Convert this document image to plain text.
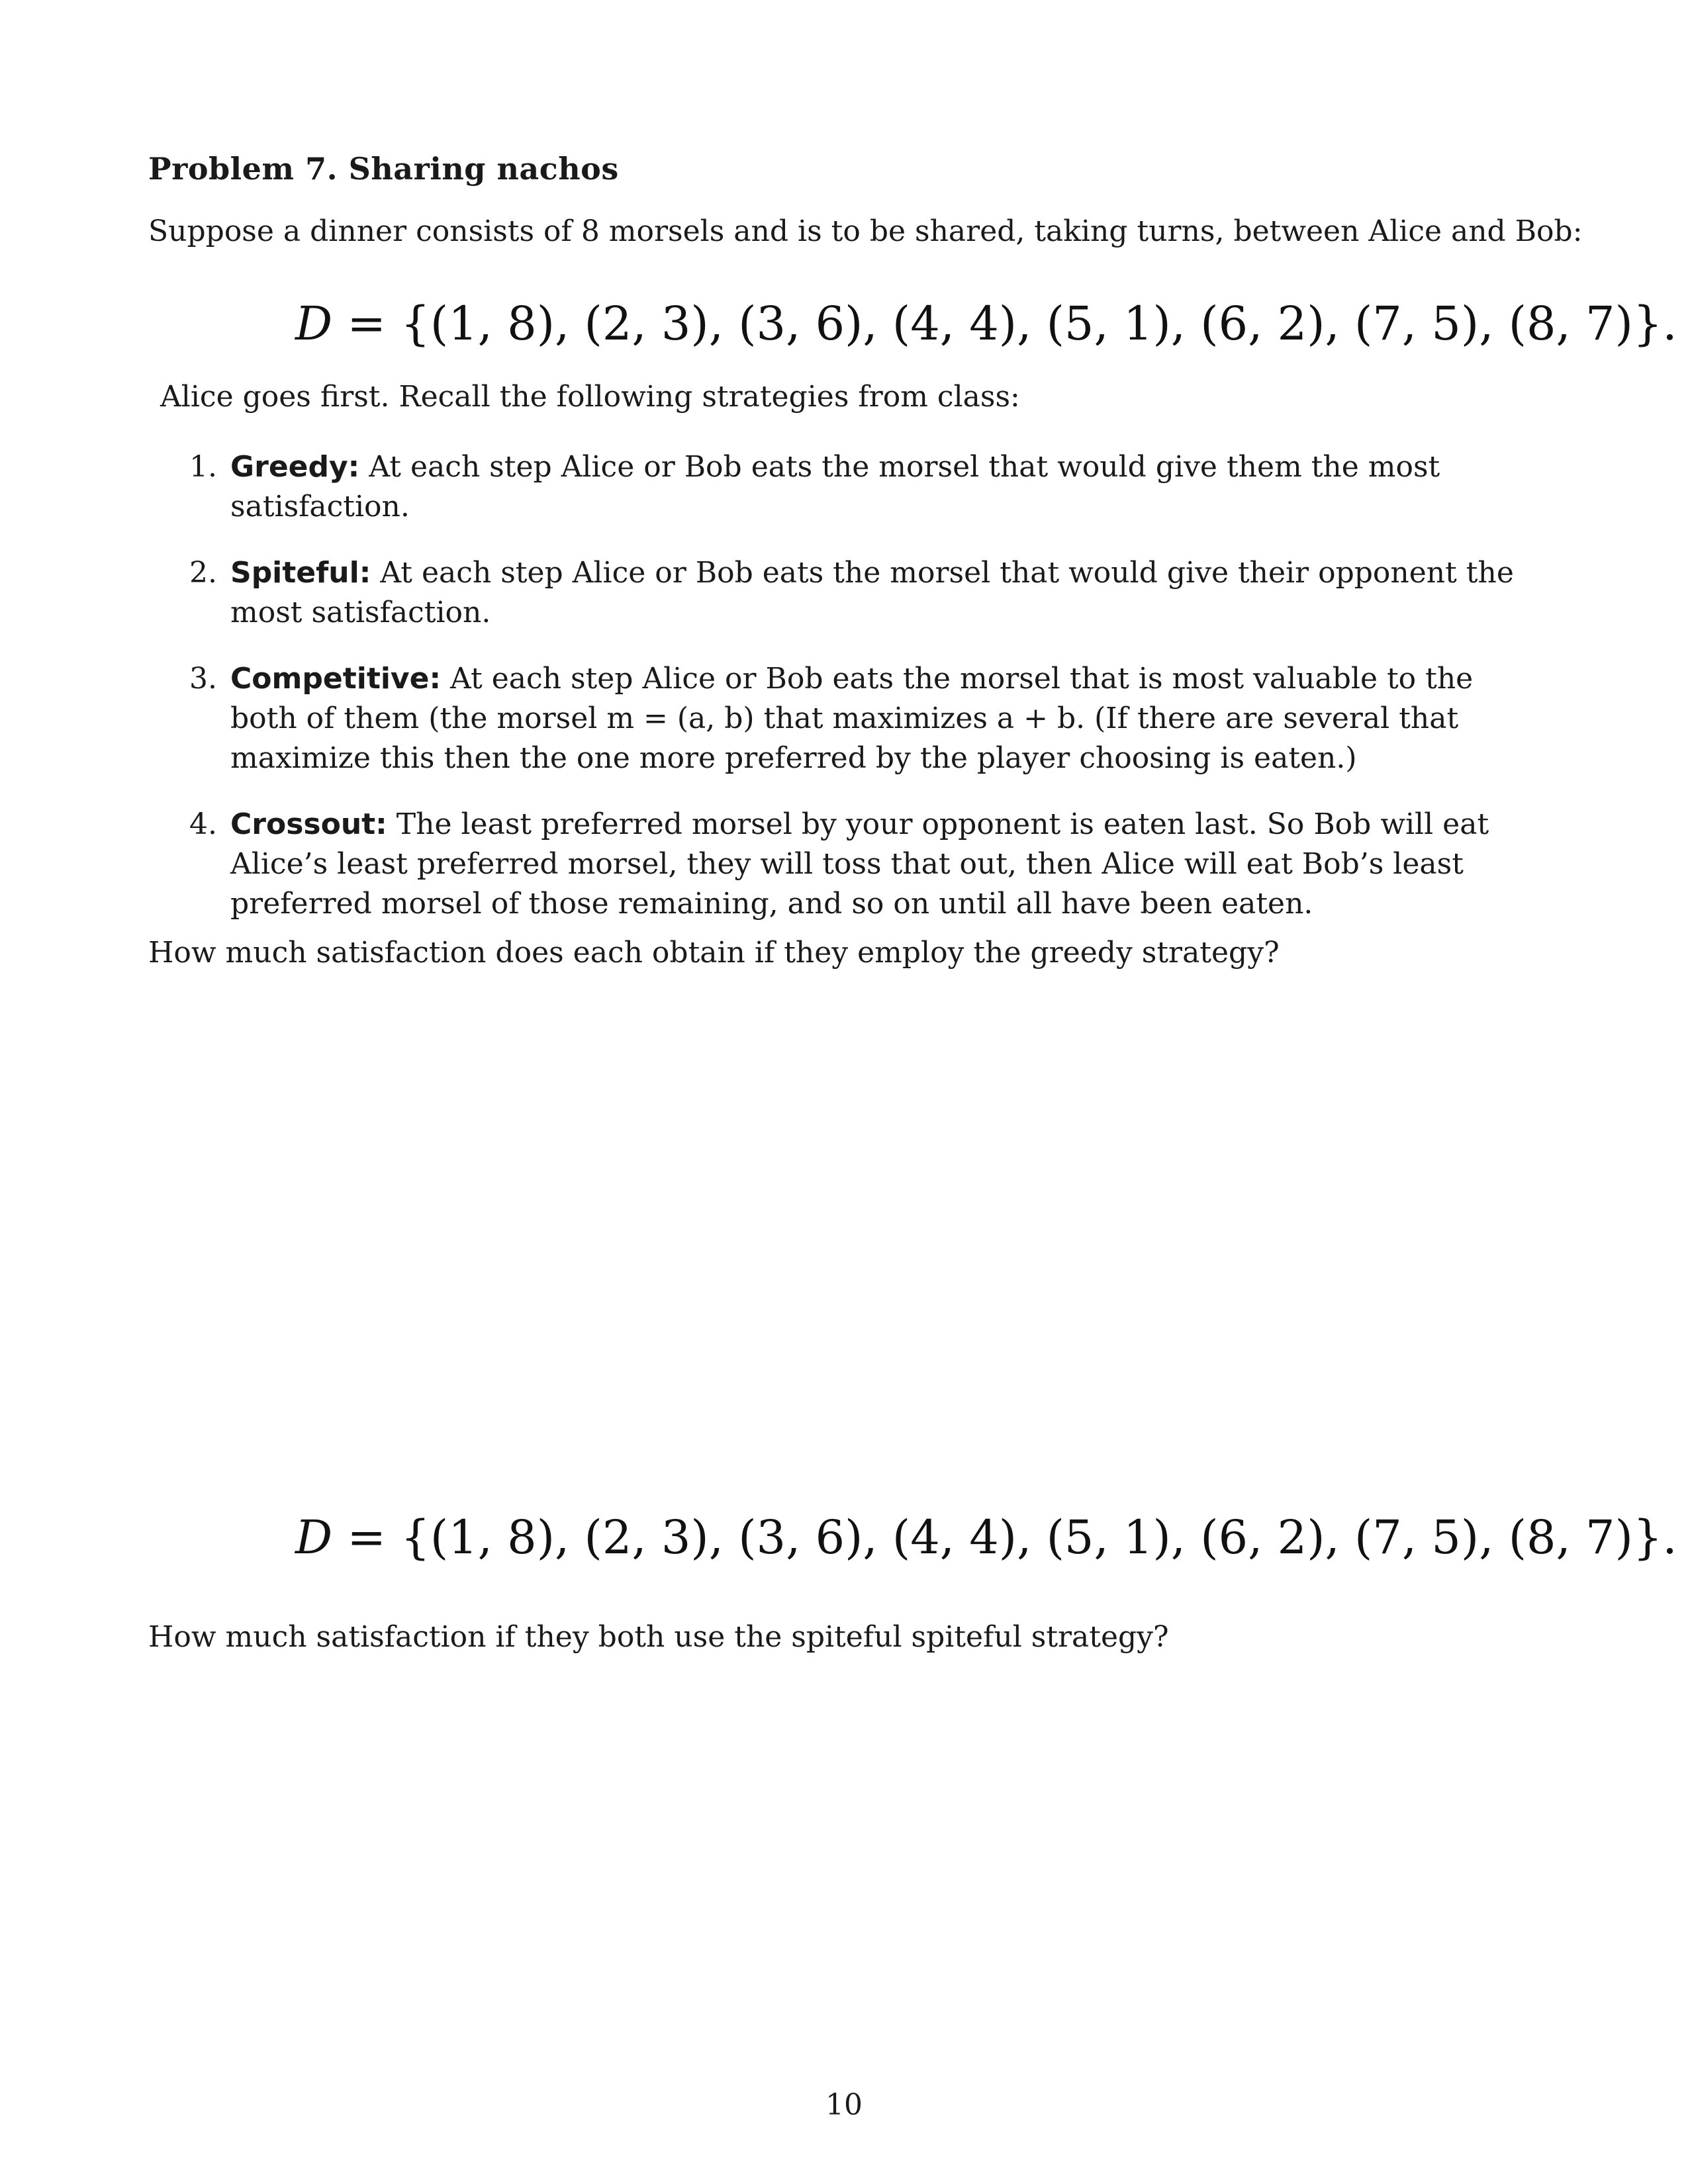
Problem 7. Sharing nachos
Suppose a dinner consists of 8 morsels and is to be shared, taking turns, between Alice and Bob:
D = {(1, 8), (2, 3), (3, 6), (4, 4), (5, 1), (6, 2), (7, 5), (8, 7)}.
Alice goes first. Recall the following strategies from class:
1. Greedy: At each step Alice or Bob eats the morsel that would give them the most satisfaction.
2. Spiteful: At each step Alice or Bob eats the morsel that would give their opponent the most satisfaction.
3. Competitive: At each step Alice or Bob eats the morsel that is most valuable to the both of them (the morsel m = (a, b) that maximizes a + b. (If there are several that maximize this then the one more preferred by the player choosing is eaten.)
4. Crossout: The least preferred morsel by your opponent is eaten last. So Bob will eat Alice’s least preferred morsel, they will toss that out, then Alice will eat Bob’s least preferred morsel of those remaining, and so on until all have been eaten.
How much satisfaction does each obtain if they employ the greedy strategy?
D = {(1, 8), (2, 3), (3, 6), (4, 4), (5, 1), (6, 2), (7, 5), (8, 7)}.
How much satisfaction if they both use the spiteful spiteful strategy?
10
